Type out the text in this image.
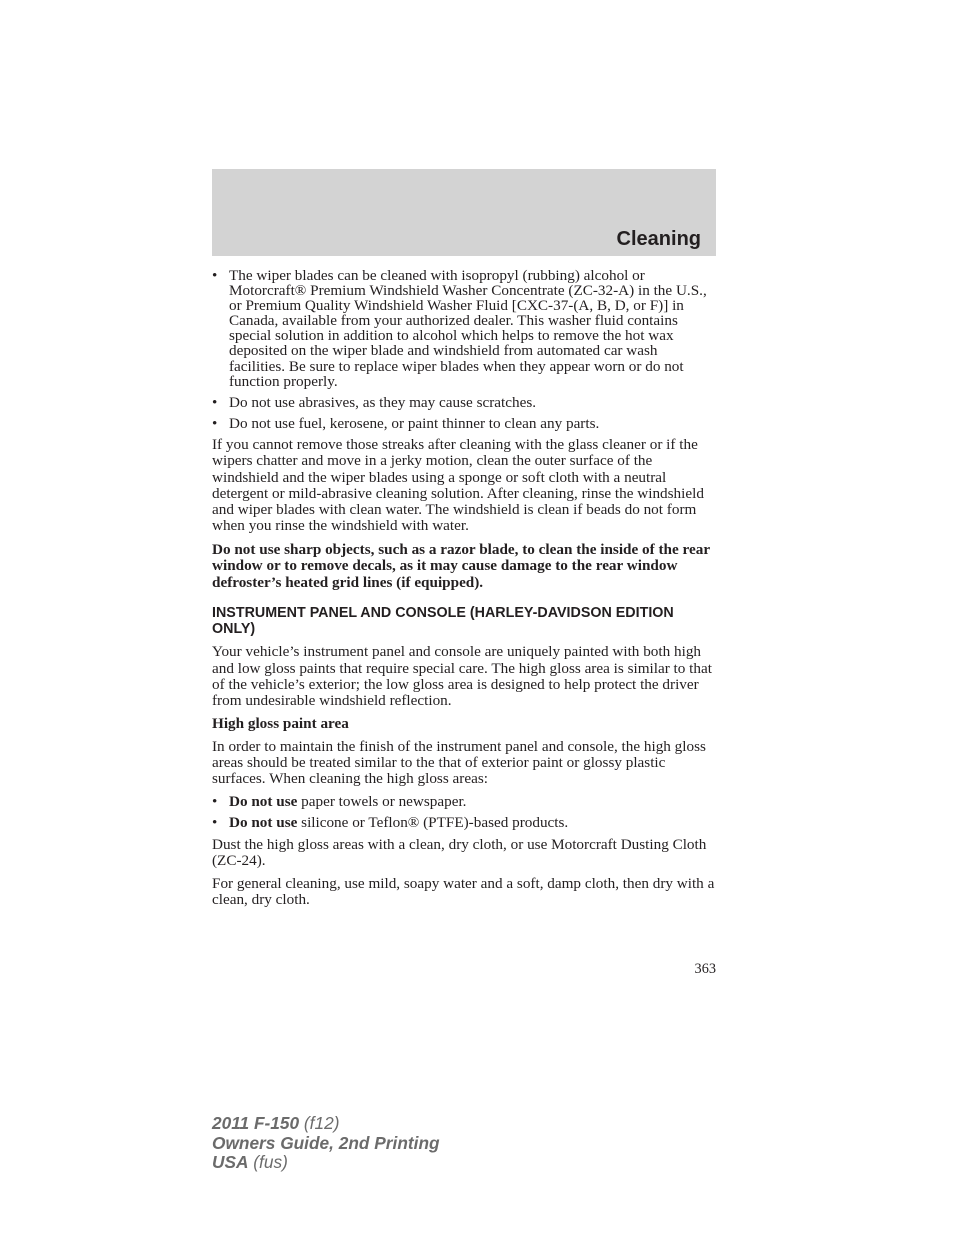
Cleaning
• The wiper blades can be cleaned with isopropyl (rubbing) alcohol or Motorcraft® Premium Windshield Washer Concentrate (ZC-32-A) in the U.S., or Premium Quality Windshield Washer Fluid [CXC-37-(A, B, D, or F)] in Canada, available from your authorized dealer. This washer fluid contains special solution in addition to alcohol which helps to remove the hot wax deposited on the wiper blade and windshield from automated car wash facilities. Be sure to replace wiper blades when they appear worn or do not function properly.
• Do not use abrasives, as they may cause scratches.
• Do not use fuel, kerosene, or paint thinner to clean any parts.

If you cannot remove those streaks after cleaning with the glass cleaner or if the wipers chatter and move in a jerky motion, clean the outer surface of the windshield and the wiper blades using a sponge or soft cloth with a neutral detergent or mild-abrasive cleaning solution. After cleaning, rinse the windshield and wiper blades with clean water. The windshield is clean if beads do not form when you rinse the windshield with water.

Do not use sharp objects, such as a razor blade, to clean the inside of the rear window or to remove decals, as it may cause damage to the rear window defroster’s heated grid lines (if equipped).

INSTRUMENT PANEL AND CONSOLE (HARLEY-DAVIDSON EDITION ONLY)

Your vehicle’s instrument panel and console are uniquely painted with both high and low gloss paints that require special care. The high gloss area is similar to that of the vehicle’s exterior; the low gloss area is designed to help protect the driver from undesirable windshield reflection.

High gloss paint area

In order to maintain the finish of the instrument panel and console, the high gloss areas should be treated similar to the that of exterior paint or glossy plastic surfaces. When cleaning the high gloss areas:

• Do not use paper towels or newspaper.
• Do not use silicone or Teflon® (PTFE)-based products.

Dust the high gloss areas with a clean, dry cloth, or use Motorcraft Dusting Cloth (ZC-24).

For general cleaning, use mild, soapy water and a soft, damp cloth, then dry with a clean, dry cloth.

363
2011 F-150 (f12)
Owners Guide, 2nd Printing
USA (fus)
